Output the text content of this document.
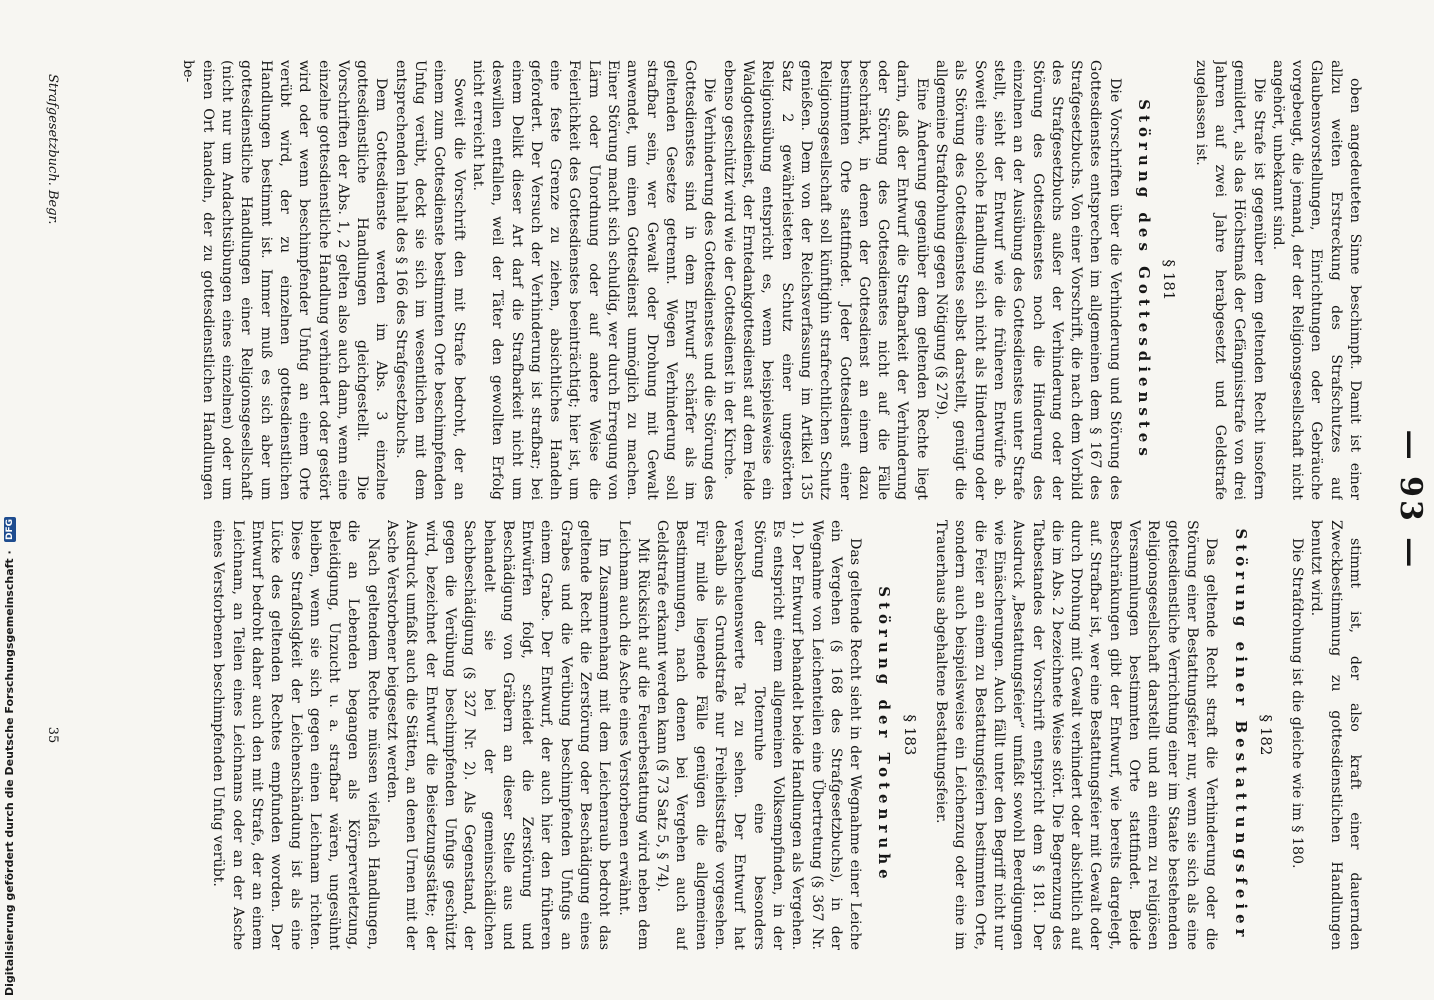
— 93 —

oben angedeuteten Sinne beschimpft. Damit ist einer allzu weiten Erstreckung des Strafschutzes auf Glaubensvorstellungen, Einrichtungen oder Gebräuche vorgebeugt, die jemand, der der Religionsgesellschaft nicht angehört, unbekannt sind.

Die Strafe ist gegenüber dem geltenden Recht insofern gemildert, als das Höchstmaß der Gefängnisstrafe von drei Jahren auf zwei Jahre herabgesetzt und Geldstrafe zugelassen ist.

§ 181
Störung des Gottesdienstes

Die Vorschriften über die Verhinderung und Störung des Gottesdienstes entsprechen im allgemeinen dem § 167 des Strafgesetzbuchs. Von einer Vorschrift, die nach dem Vorbild des Strafgesetzbuchs außer der Verhinderung oder der Störung des Gottesdienstes noch die Hinderung des einzelnen an der Ausübung des Gottesdienstes unter Strafe stellt, sieht der Entwurf wie die früheren Entwürfe ab. Soweit eine solche Handlung sich nicht als Hinderung oder als Störung des Gottesdienstes selbst darstellt, genügt die allgemeine Strafdrohung gegen Nötigung (§ 279).

Eine Änderung gegenüber dem geltenden Rechte liegt darin, daß der Entwurf die Strafbarkeit der Verhinderung oder Störung des Gottesdienstes nicht auf die Fälle beschränkt, in denen der Gottesdienst an einem dazu bestimmten Orte stattfindet. Jeder Gottesdienst einer Religionsgesellschaft soll künftighin strafrechtlichen Schutz genießen. Dem von der Reichsverfassung im Artikel 135 Satz 2 gewährleisteten Schutz einer ungestörten Religionsübung entspricht es, wenn beispielsweise ein Waldgottesdienst, der Erntedankgottesdienst auf dem Felde ebenso geschützt wird wie der Gottesdienst in der Kirche.

Die Verhinderung des Gottesdienstes und die Störung des Gottesdienstes sind in dem Entwurf schärfer als im geltenden Gesetze getrennt. Wegen Verhinderung soll strafbar sein, wer Gewalt oder Drohung mit Gewalt anwendet, um einen Gottesdienst unmöglich zu machen. Einer Störung macht sich schuldig, wer durch Erregung von Lärm oder Unordnung oder auf andere Weise die Feierlichkeit des Gottesdienstes beeinträchtigt; hier ist, um eine feste Grenze zu ziehen, absichtliches Handeln gefordert. Der Versuch der Verhinderung ist strafbar; bei einem Delikt dieser Art darf die Strafbarkeit nicht um deswillen entfallen, weil der Täter den gewollten Erfolg nicht erreicht hat.

Soweit die Vorschrift den mit Strafe bedroht, der an einem zum Gottesdienste bestimmten Orte beschimpfenden Unfug verübt, deckt sie sich im wesentlichen mit dem entsprechenden Inhalt des § 166 des Strafgesetzbuchs.

Dem Gottesdienste werden im Abs. 3 einzelne gottesdienstliche Handlungen gleichgestellt. Die Vorschriften der Abs. 1, 2 gelten also auch dann, wenn eine einzelne gottesdienstliche Handlung verhindert oder gestört wird oder wenn beschimpfender Unfug an einem Orte verübt wird, der zu einzelnen gottesdienstlichen Handlungen bestimmt ist. Immer muß es sich aber um gottesdienstliche Handlungen einer Religionsgesellschaft (nicht nur um Andachtsübungen eines einzelnen) oder um einen Ort handeln, der zu gottesdienstlichen Handlungen be-

stimmt ist, der also kraft einer dauernden Zweckbestimmung zu gottesdienstlichen Handlungen benutzt wird.

Die Strafdrohung ist die gleiche wie im § 180.

§ 182
Störung einer Bestattungsfeier

Das geltende Recht straft die Verhinderung oder die Störung einer Bestattungsfeier nur, wenn sie sich als eine gottesdienstliche Verrichtung einer im Staate bestehenden Religionsgesellschaft darstellt und an einem zu religiösen Versammlungen bestimmten Orte stattfindet. Beide Beschränkungen gibt der Entwurf, wie bereits dargelegt, auf. Strafbar ist, wer eine Bestattungsfeier mit Gewalt oder durch Drohung mit Gewalt verhindert oder absichtlich auf die im Abs. 2 bezeichnete Weise stört. Die Begrenzung des Tatbestandes der Vorschrift entspricht dem § 181. Der Ausdruck „Bestattungsfeier“ umfaßt sowohl Beerdigungen wie Einäscherungen. Auch fällt unter den Begriff nicht nur die Feier an einem zu Bestattungsfeiern bestimmten Orte, sondern auch beispielsweise ein Leichenzug oder eine im Trauerhaus abgehaltene Bestattungsfeier.

§ 183
Störung der Totenruhe

Das geltende Recht sieht in der Wegnahme einer Leiche ein Vergehen (§ 168 des Strafgesetzbuchs), in der Wegnahme von Leichenteilen eine Übertretung (§ 367 Nr. 1). Der Entwurf behandelt beide Handlungen als Vergehen. Es entspricht einem allgemeinen Volksempfinden, in der Störung der Totenruhe eine besonders verabscheuenswerte Tat zu sehen. Der Entwurf hat deshalb als Grundstrafe nur Freiheitsstrafe vorgesehen. Für milde liegende Fälle genügen die allgemeinen Bestimmungen, nach denen bei Vergehen auch auf Geldstrafe erkannt werden kann (§ 73 Satz 5, § 74).

Mit Rücksicht auf die Feuerbestattung wird neben dem Leichnam auch die Asche eines Verstorbenen erwähnt.

Im Zusammenhang mit dem Leichenraub bedroht das geltende Recht die Zerstörung oder Beschädigung eines Grabes und die Verübung beschimpfenden Unfugs an einem Grabe. Der Entwurf, der auch hier den früheren Entwürfen folgt, scheidet die Zerstörung und Beschädigung von Gräbern an dieser Stelle aus und behandelt sie bei der gemeinschädlichen Sachbeschädigung (§ 327 Nr. 2). Als Gegenstand, der gegen die Verübung beschimpfenden Unfugs geschützt wird, bezeichnet der Entwurf die Beisetzungsstätte; der Ausdruck umfaßt auch die Stätten, an denen Urnen mit der Asche Verstorbener beigesetzt werden.

Nach geltendem Rechte müssen vielfach Handlungen, die an Lebenden begangen als Körperverletzung, Beleidigung, Unzucht u. a. strafbar wären, ungesühnt bleiben, wenn sie sich gegen einen Leichnam richten. Diese Strafloslgkeit der Leichenschändung ist als eine Lücke des geltenden Rechtes empfunden worden. Der Entwurf bedroht daher auch den mit Strafe, der an einem Leichnam, an Teilen eines Leichnams oder an der Asche eines Verstorbenen beschimpfenden Unfug verübt.

Strafgesetzbuch. Begr.
35
Digitalisierung gefördert durch die Deutsche Forschungsgemeinschaft · DFG
